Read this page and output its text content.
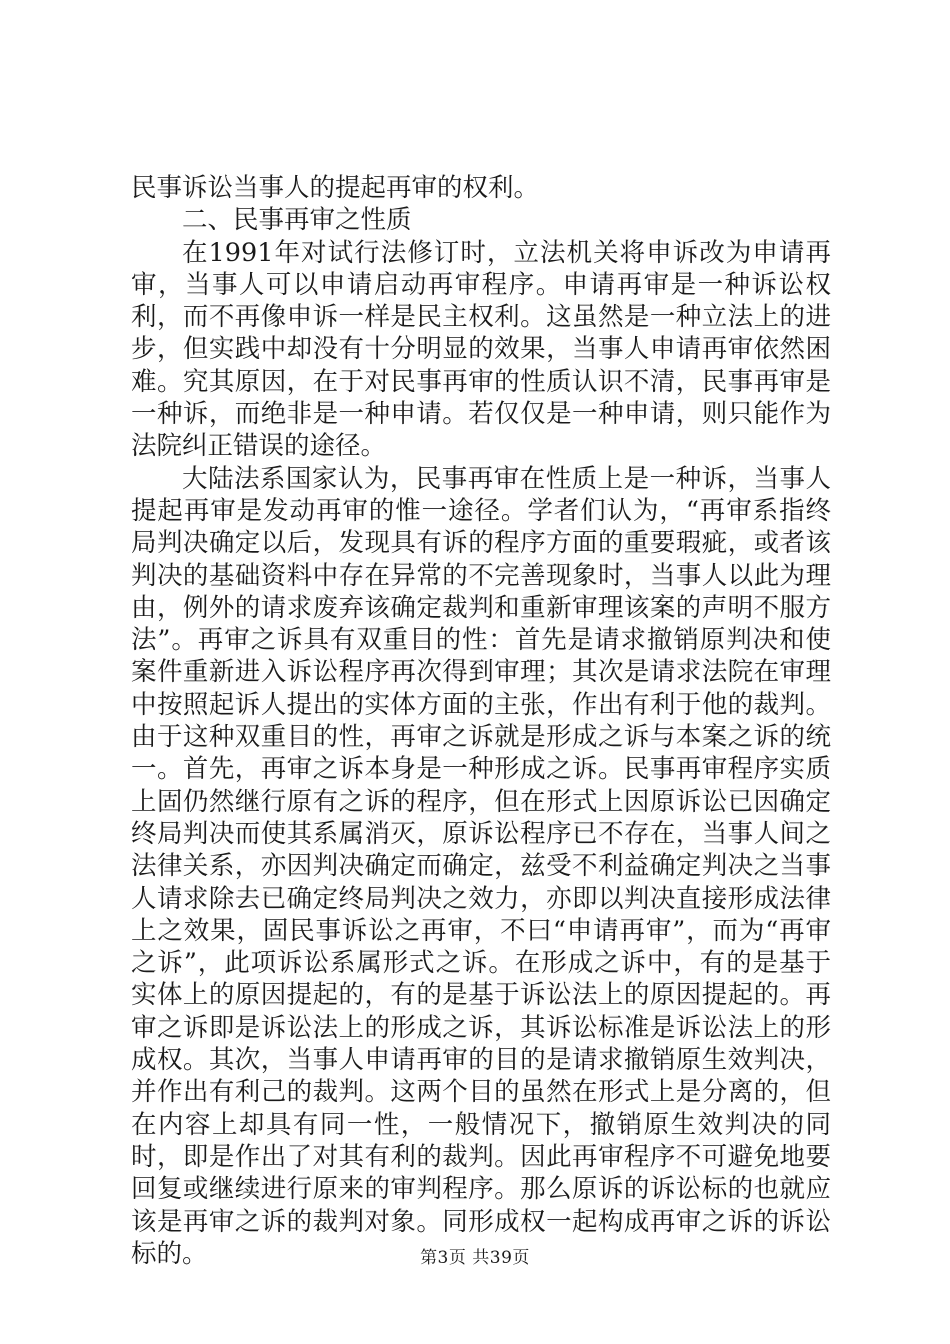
民事诉讼当事人的提起再审的权利。

二、民事再审之性质

在1991年对试行法修订时，立法机关将申诉改为申请再审，当事人可以申请启动再审程序。申请再审是一种诉讼权利，而不再像申诉一样是民主权利。这虽然是一种立法上的进步，但实践中却没有十分明显的效果，当事人申请再审依然困难。究其原因，在于对民事再审的性质认识不清，民事再审是一种诉，而绝非是一种申请。若仅仅是一种申请，则只能作为法院纠正错误的途径。

大陆法系国家认为，民事再审在性质上是一种诉，当事人提起再审是发动再审的惟一途径。学者们认为，“再审系指终局判决确定以后，发现具有诉的程序方面的重要瑕疵，或者该判决的基础资料中存在异常的不完善现象时，当事人以此为理由，例外的请求废弃该确定裁判和重新审理该案的声明不服方法”。再审之诉具有双重目的性：首先是请求撤销原判决和使案件重新进入诉讼程序再次得到审理；其次是请求法院在审理中按照起诉人提出的实体方面的主张，作出有利于他的裁判。由于这种双重目的性，再审之诉就是形成之诉与本案之诉的统一。首先，再审之诉本身是一种形成之诉。民事再审程序实质上固仍然继行原有之诉的程序，但在形式上因原诉讼已因确定终局判决而使其系属消灭，原诉讼程序已不存在，当事人间之法律关系，亦因判决确定而确定，兹受不利益确定判决之当事人请求除去已确定终局判决之效力，亦即以判决直接形成法律上之效果，固民事诉讼之再审，不曰“申请再审”，而为“再审之诉”，此项诉讼系属形式之诉。在形成之诉中，有的是基于实体上的原因提起的，有的是基于诉讼法上的原因提起的。再审之诉即是诉讼法上的形成之诉，其诉讼标准是诉讼法上的形成权。其次，当事人申请再审的目的是请求撤销原生效判决，并作出有利己的裁判。这两个目的虽然在形式上是分离的，但在内容上却具有同一性，一般情况下，撤销原生效判决的同时，即是作出了对其有利的裁判。因此再审程序不可避免地要回复或继续进行原来的审判程序。那么原诉的诉讼标的也就应该是再审之诉的裁判对象。同形成权一起构成再审之诉的诉讼标的。	第3页 共39页
